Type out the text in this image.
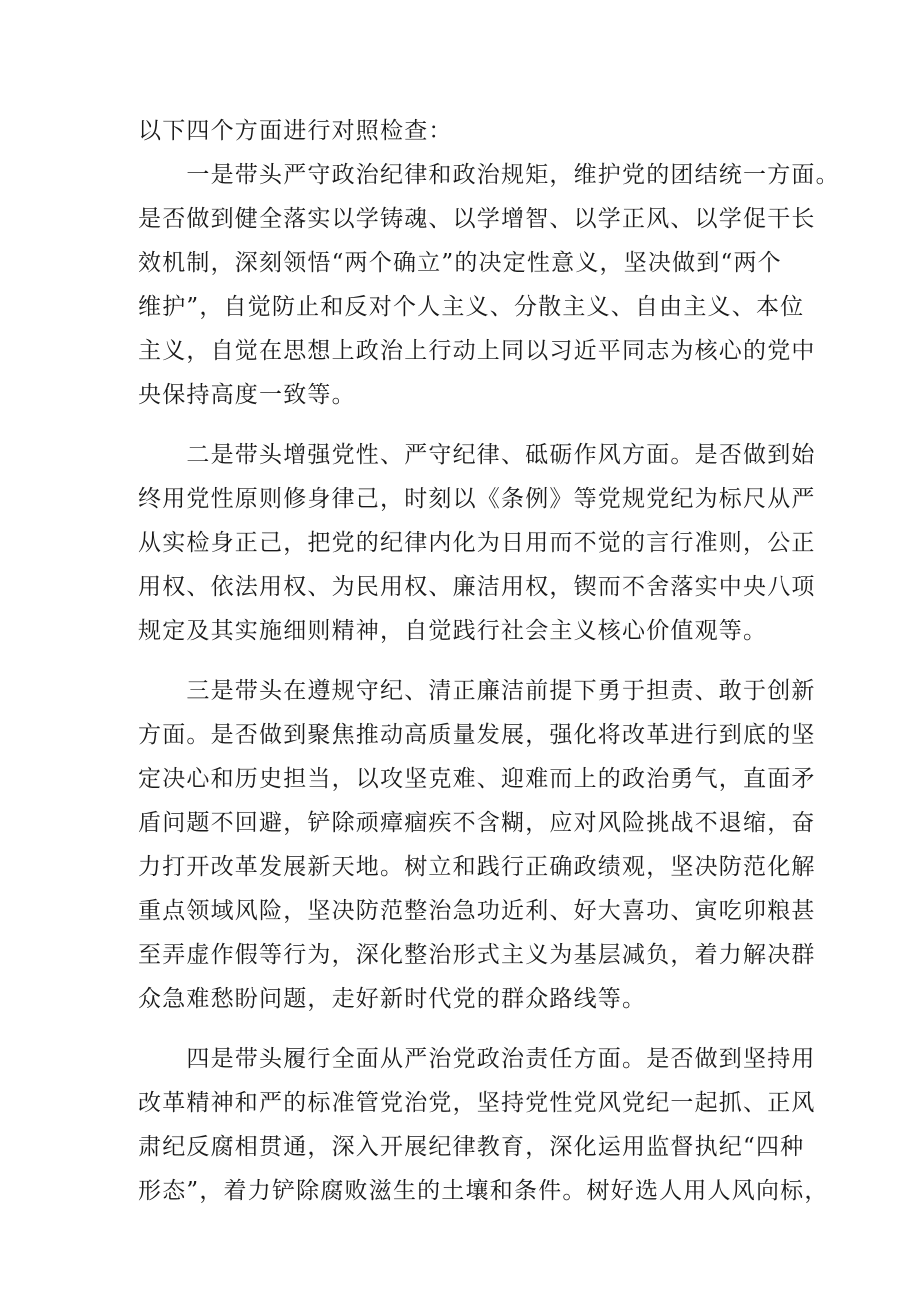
以下四个方面进行对照检查：
　　一是带头严守政治纪律和政治规矩，维护党的团结统一方面。
是否做到健全落实以学铸魂、以学增智、以学正风、以学促干长
效机制，深刻领悟“两个确立”的决定性意义，坚决做到“两个
维护”，自觉防止和反对个人主义、分散主义、自由主义、本位
主义，自觉在思想上政治上行动上同以习近平同志为核心的党中
央保持高度一致等。
　　二是带头增强党性、严守纪律、砥砺作风方面。是否做到始
终用党性原则修身律己，时刻以《条例》等党规党纪为标尺从严
从实检身正己，把党的纪律内化为日用而不觉的言行准则，公正
用权、依法用权、为民用权、廉洁用权，锲而不舍落实中央八项
规定及其实施细则精神，自觉践行社会主义核心价值观等。
　　三是带头在遵规守纪、清正廉洁前提下勇于担责、敢于创新
方面。是否做到聚焦推动高质量发展，强化将改革进行到底的坚
定决心和历史担当，以攻坚克难、迎难而上的政治勇气，直面矛
盾问题不回避，铲除顽瘴痼疾不含糊，应对风险挑战不退缩，奋
力打开改革发展新天地。树立和践行正确政绩观，坚决防范化解
重点领域风险，坚决防范整治急功近利、好大喜功、寅吃卯粮甚
至弄虚作假等行为，深化整治形式主义为基层减负，着力解决群
众急难愁盼问题，走好新时代党的群众路线等。
　　四是带头履行全面从严治党政治责任方面。是否做到坚持用
改革精神和严的标准管党治党，坚持党性党风党纪一起抓、正风
肃纪反腐相贯通，深入开展纪律教育，深化运用监督执纪“四种
形态”，着力铲除腐败滋生的土壤和条件。树好选人用人风向标，
